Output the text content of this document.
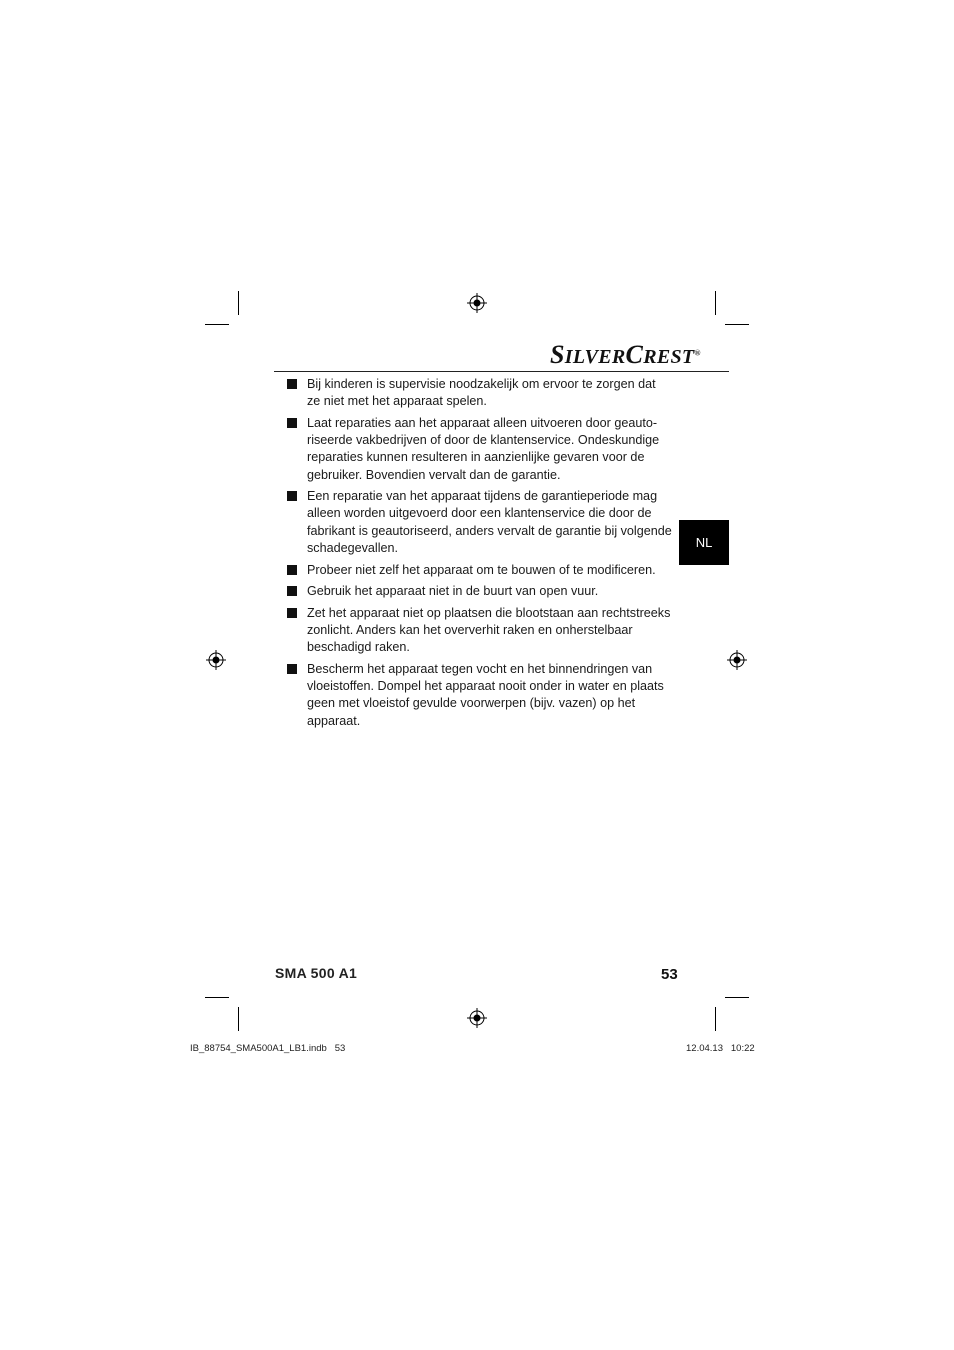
SILVERCREST®
Bij kinderen is supervisie noodzakelijk om ervoor te zorgen dat ze niet met het apparaat spelen.
Laat reparaties aan het apparaat alleen uitvoeren door geautoriseerde vakbedrijven of door de klantenservice. Ondeskundige reparaties kunnen resulteren in aanzienlijke gevaren voor de gebruiker. Bovendien vervalt dan de garantie.
Een reparatie van het apparaat tijdens de garantieperiode mag alleen worden uitgevoerd door een klantenservice die door de fabrikant is geautoriseerd, anders vervalt de garantie bij volgende schadegevallen.
Probeer niet zelf het apparaat om te bouwen of te modificeren.
Gebruik het apparaat niet in de buurt van open vuur.
Zet het apparaat niet op plaatsen die blootstaan aan rechtstreeks zonlicht. Anders kan het oververhit raken en onherstelbaar beschadigd raken.
Bescherm het apparaat tegen vocht en het binnendringen van vloeistoffen. Dompel het apparaat nooit onder in water en plaats geen met vloeistof gevulde voorwerpen (bijv. vazen) op het apparaat.
NL
SMA 500 A1	53
IB_88754_SMA500A1_LB1.indb   53	12.04.13   10:22
